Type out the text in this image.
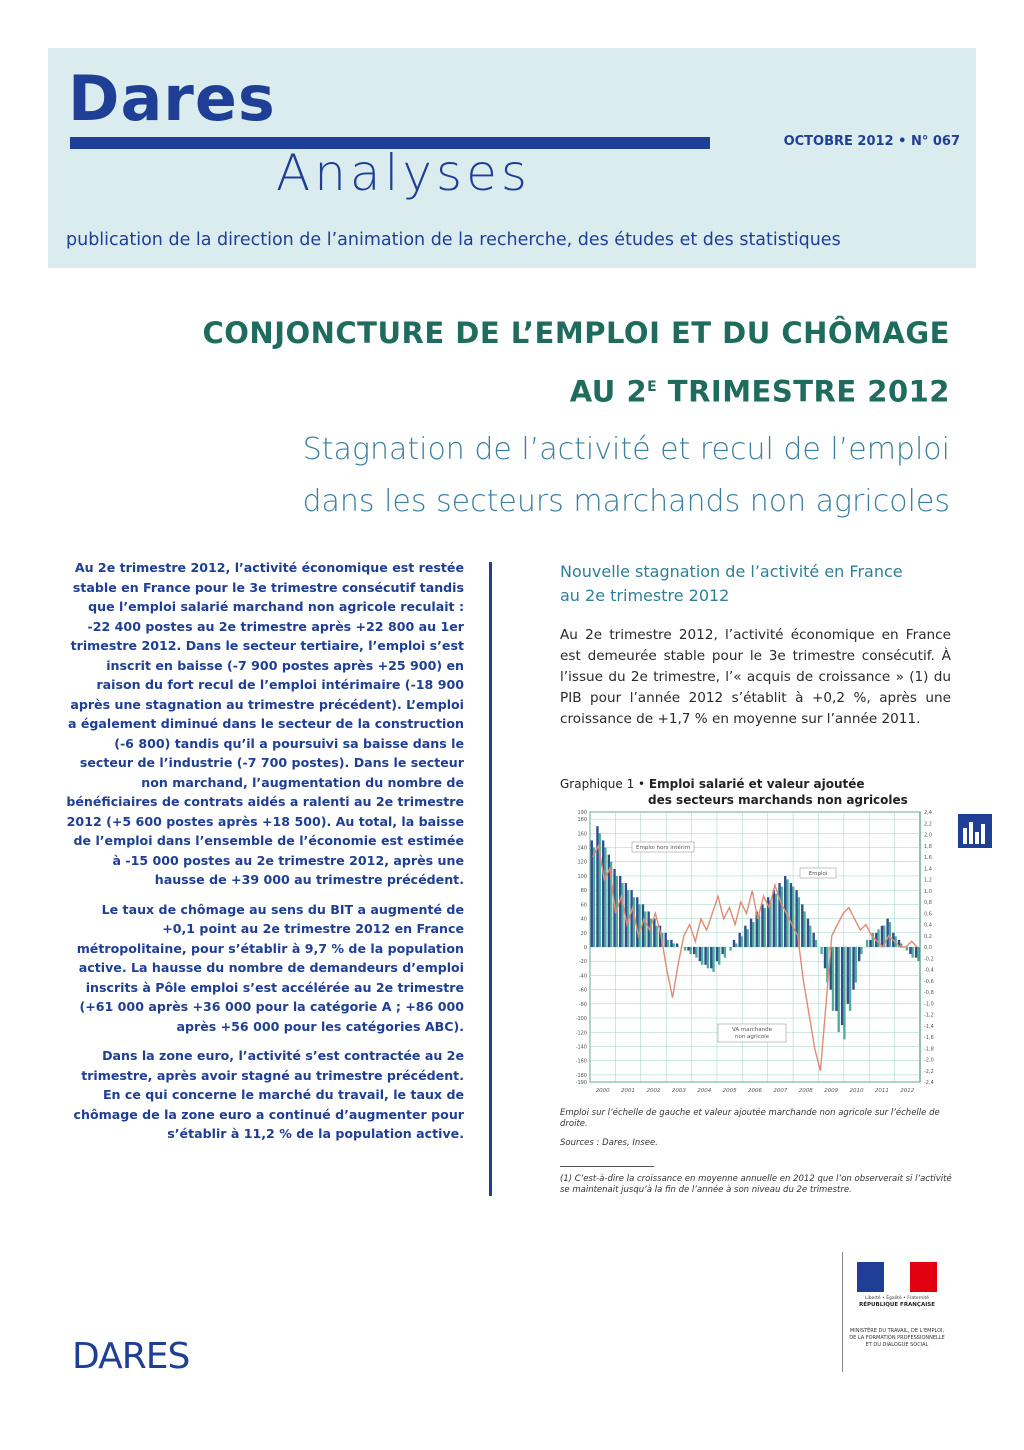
Dares
Analyses
OCTOBRE 2012 • N° 067
publication de la direction de l’animation de la recherche, des études et des statistiques
CONJONCTURE DE L’EMPLOI ET DU CHÔMAGE
AU $2^E$ TRIMESTRE 2012
Stagnation de l’activité et recul de l’emploi
dans les secteurs marchands non agricoles

Au 2e trimestre 2012, l’activité économique est restée stable en France pour le 3e trimestre consécutif tandis que l’emploi salarié marchand non agricole reculait : -22 400 postes au 2e trimestre après +22 800 au 1er trimestre 2012. Dans le secteur tertiaire, l’emploi s’est inscrit en baisse (-7 900 postes après +25 900) en raison du fort recul de l’emploi intérimaire (-18 900 après une stagnation au trimestre précédent). L’emploi a également diminué dans le secteur de la construction (-6 800) tandis qu’il a poursuivi sa baisse dans le secteur de l’industrie (-7 700 postes). Dans le secteur non marchand, l’augmentation du nombre de bénéficiaires de contrats aidés a ralenti au 2e trimestre 2012 (+5 600 postes après +18 500). Au total, la baisse de l’emploi dans l’ensemble de l’économie est estimée à -15 000 postes au 2e trimestre 2012, après une hausse de +39 000 au trimestre précédent.

Le taux de chômage au sens du BIT a augmenté de +0,1 point au 2e trimestre 2012 en France métropolitaine, pour s’établir à 9,7 % de la population active. La hausse du nombre de demandeurs d’emploi inscrits à Pôle emploi s’est accélérée au 2e trimestre (+61 000 après +36 000 pour la catégorie A ; +86 000 après +56 000 pour les catégories ABC).

Dans la zone euro, l’activité s’est contractée au 2e trimestre, après avoir stagné au trimestre précédent. En ce qui concerne le marché du travail, le taux de chômage de la zone euro a continué d’augmenter pour s’établir à 11,2 % de la population active.

Nouvelle stagnation de l’activité en France
au 2e trimestre 2012
Au 2e trimestre 2012, l’activité économique en France est demeurée stable pour le 3e trimestre consécutif. À l’issue du 2e trimestre, l’« acquis de croissance » (1) du PIB pour l’année 2012 s’établit à +0,2 %, après une croissance de +1,7 % en moyenne sur l’année 2011.
Graphique 1 • Emploi salarié et valeur ajoutée
des secteurs marchands non agricoles
190
180
160
140
120
100
80
60
40
20
0
-20
-40
-60
-80
-100
-120
-140
-160
-180
-190
2,4
2,2
2,0
1,8
1,6
1,4
1,2
1,0
0,8
0,6
0,4
0,2
0,0
-0,2
-0,4
-0,6
-0,8
-1,0
-1,2
-1,4
-1,6
-1,8
-2,0
-2,2
-2,4
2000 2001 2002 2003 2004 2005 2006 2007 2008 2009 2010 2011 2012
Emploi hors intérim
Emploi
VA marchande
non agricole
Emploi sur l’échelle de gauche et valeur ajoutée marchande non agricole sur l’échelle de droite.
Sources : Dares, Insee.
(1) C’est-à-dire la croissance en moyenne annuelle en 2012 que l’on observerait si l’activité se maintenait jusqu’à la fin de l’année à son niveau du 2e trimestre.
DARES
Liberté • Égalité • Fraternité
RÉPUBLIQUE FRANÇAISE
MINISTÈRE DU TRAVAIL, DE L’EMPLOI, DE LA FORMATION PROFESSIONNELLE ET DU DIALOGUE SOCIAL
